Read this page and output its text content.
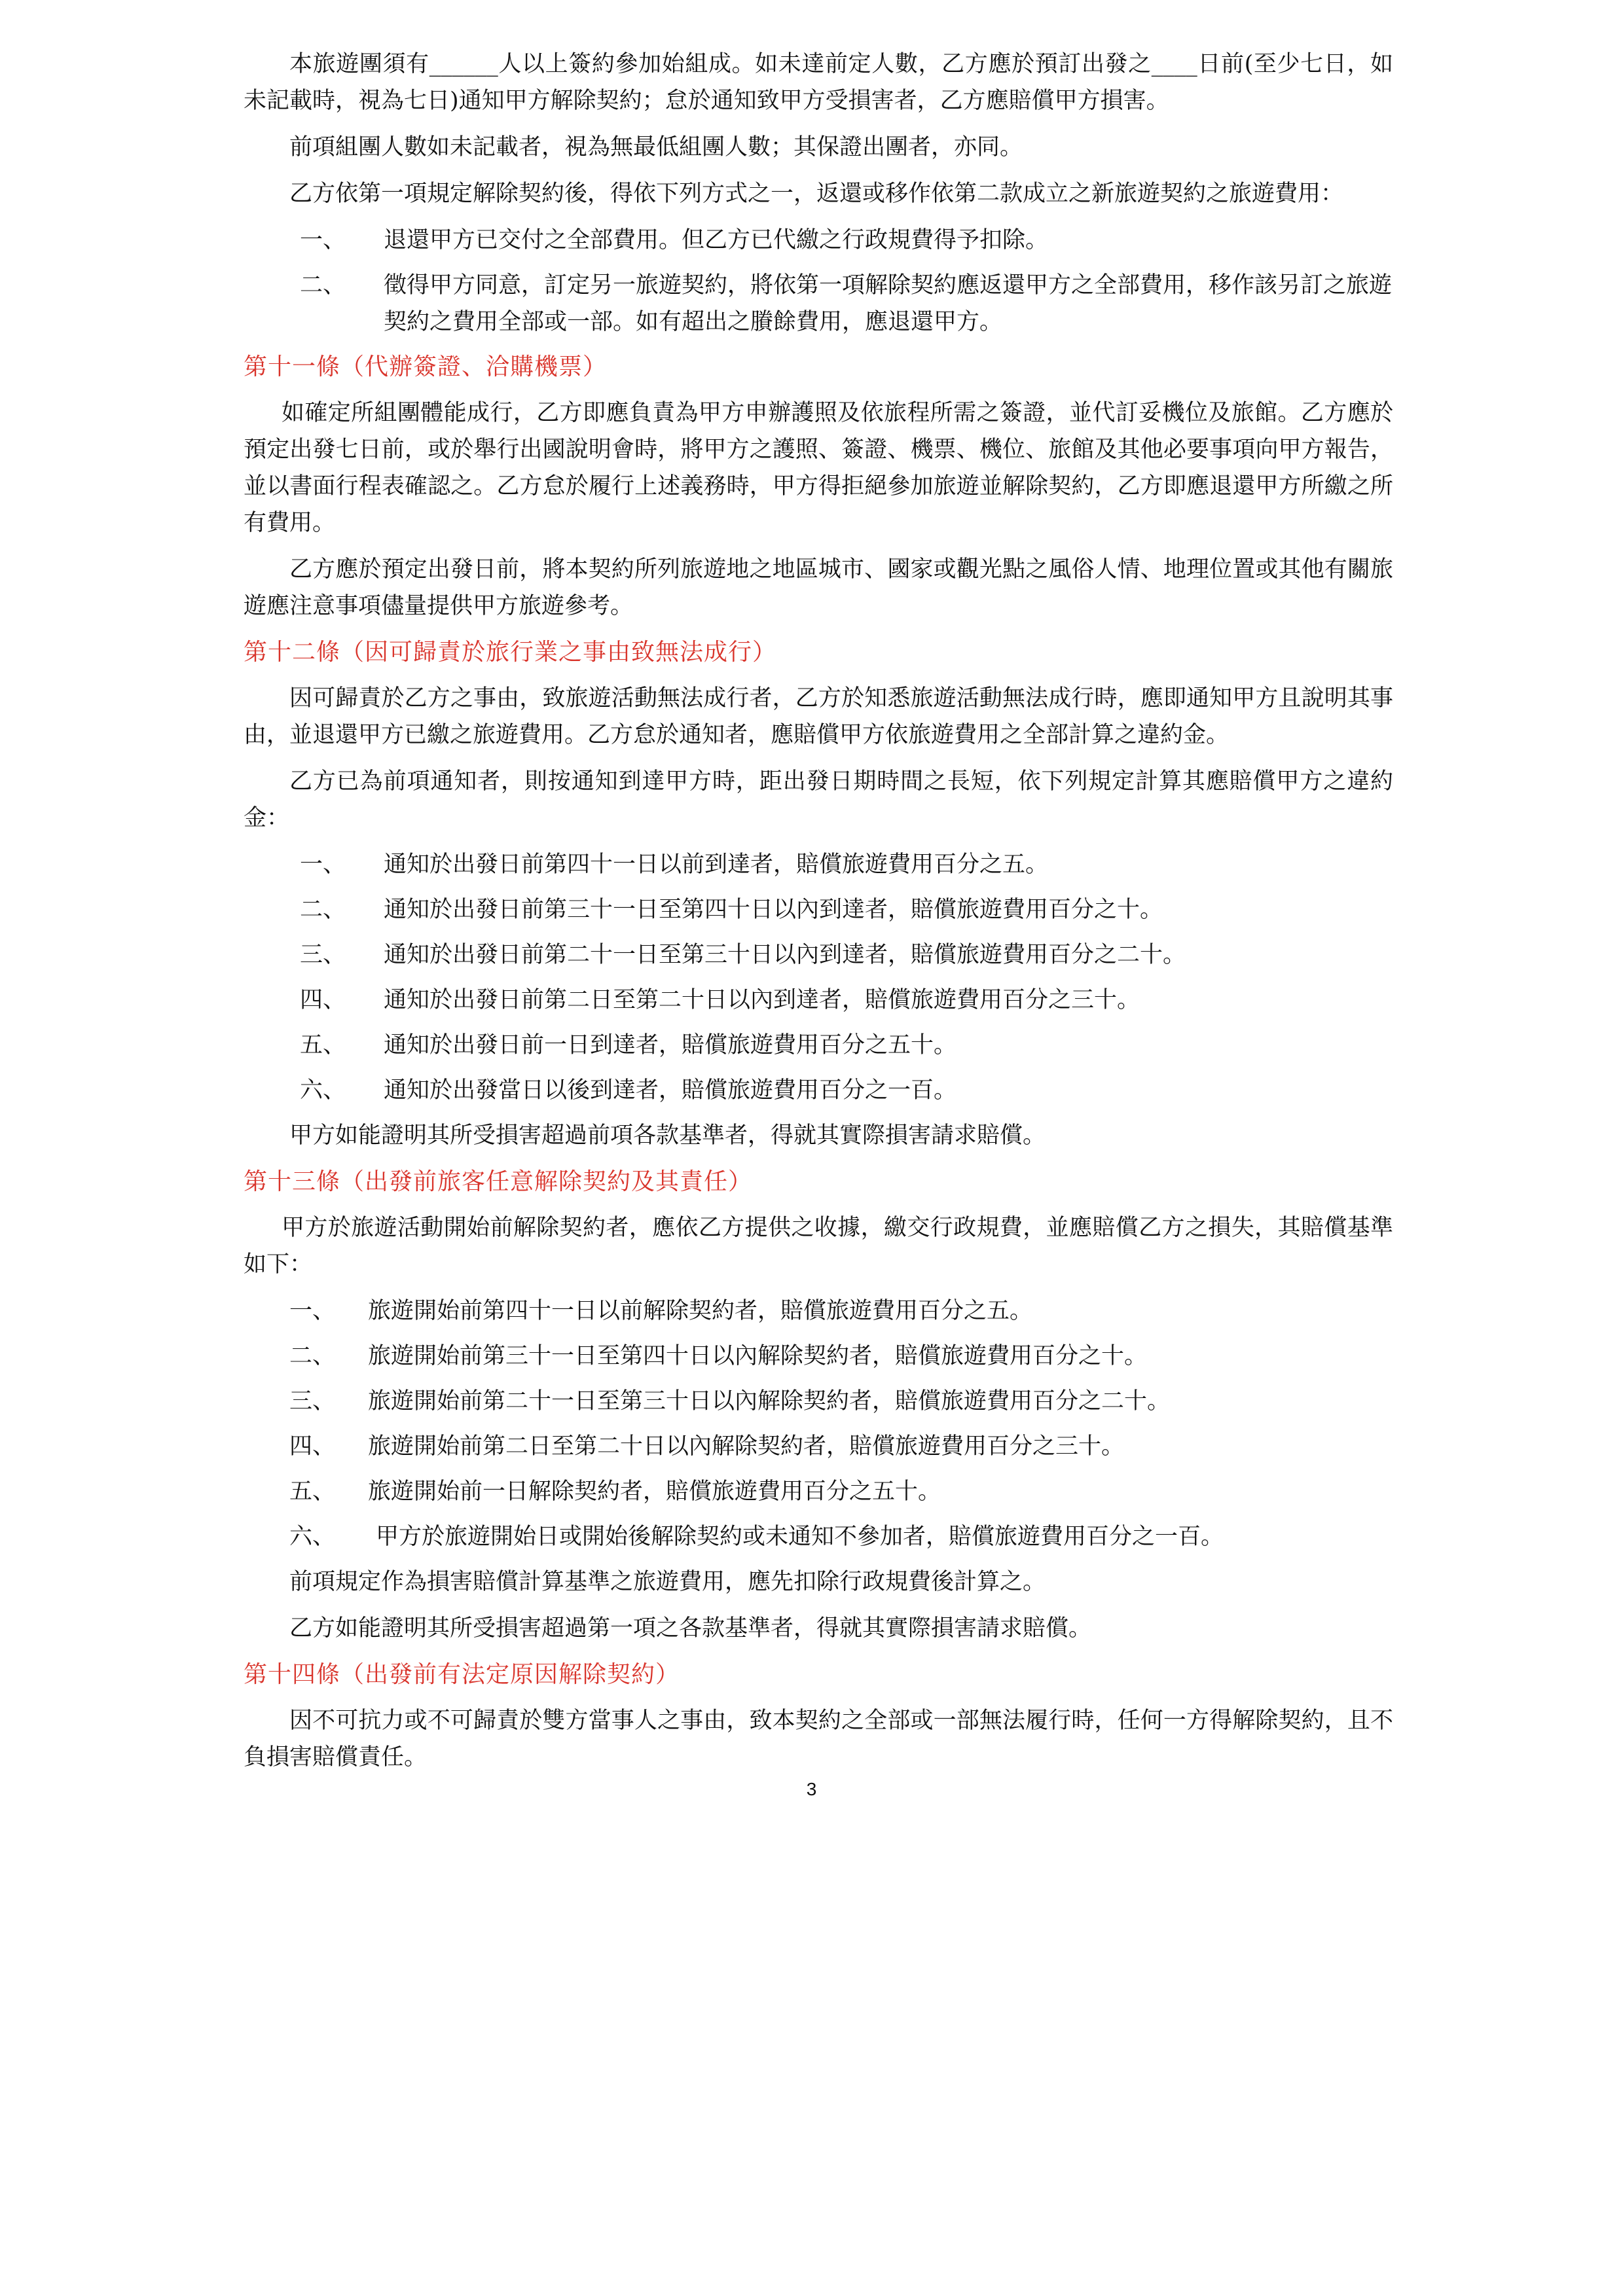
本旅遊團須有______人以上簽約參加始組成。如未達前定人數，乙方應於預訂出發之____日前(至少七日，如未記載時，視為七日)通知甲方解除契約；怠於通知致甲方受損害者，乙方應賠償甲方損害。

前項組團人數如未記載者，視為無最低組團人數；其保證出團者，亦同。

乙方依第一項規定解除契約後，得依下列方式之一，返還或移作依第二款成立之新旅遊契約之旅遊費用：

一、	退還甲方已交付之全部費用。但乙方已代繳之行政規費得予扣除。
二、	徵得甲方同意，訂定另一旅遊契約，將依第一項解除契約應返還甲方之全部費用，移作該另訂之旅遊契約之費用全部或一部。如有超出之賸餘費用，應退還甲方。

第十一條（代辦簽證、洽購機票）

如確定所組團體能成行，乙方即應負責為甲方申辦護照及依旅程所需之簽證，並代訂妥機位及旅館。乙方應於預定出發七日前，或於舉行出國說明會時，將甲方之護照、簽證、機票、機位、旅館及其他必要事項向甲方報告，並以書面行程表確認之。乙方怠於履行上述義務時，甲方得拒絕參加旅遊並解除契約，乙方即應退還甲方所繳之所有費用。

乙方應於預定出發日前，將本契約所列旅遊地之地區城市、國家或觀光點之風俗人情、地理位置或其他有關旅遊應注意事項儘量提供甲方旅遊參考。

第十二條（因可歸責於旅行業之事由致無法成行）

因可歸責於乙方之事由，致旅遊活動無法成行者，乙方於知悉旅遊活動無法成行時，應即通知甲方且說明其事由，並退還甲方已繳之旅遊費用。乙方怠於通知者，應賠償甲方依旅遊費用之全部計算之違約金。

乙方已為前項通知者，則按通知到達甲方時，距出發日期時間之長短，依下列規定計算其應賠償甲方之違約金：

一、	通知於出發日前第四十一日以前到達者，賠償旅遊費用百分之五。
二、	通知於出發日前第三十一日至第四十日以內到達者，賠償旅遊費用百分之十。
三、	通知於出發日前第二十一日至第三十日以內到達者，賠償旅遊費用百分之二十。
四、	通知於出發日前第二日至第二十日以內到達者，賠償旅遊費用百分之三十。
五、	通知於出發日前一日到達者，賠償旅遊費用百分之五十。
六、	通知於出發當日以後到達者，賠償旅遊費用百分之一百。

甲方如能證明其所受損害超過前項各款基準者，得就其實際損害請求賠償。

第十三條（出發前旅客任意解除契約及其責任）

甲方於旅遊活動開始前解除契約者，應依乙方提供之收據，繳交行政規費，並應賠償乙方之損失，其賠償基準如下：

一、	旅遊開始前第四十一日以前解除契約者，賠償旅遊費用百分之五。
二、	旅遊開始前第三十一日至第四十日以內解除契約者，賠償旅遊費用百分之十。
三、	旅遊開始前第二十一日至第三十日以內解除契約者，賠償旅遊費用百分之二十。
四、	旅遊開始前第二日至第二十日以內解除契約者，賠償旅遊費用百分之三十。
五、	旅遊開始前一日解除契約者，賠償旅遊費用百分之五十。
六、	甲方於旅遊開始日或開始後解除契約或未通知不參加者，賠償旅遊費用百分之一百。

前項規定作為損害賠償計算基準之旅遊費用，應先扣除行政規費後計算之。

乙方如能證明其所受損害超過第一項之各款基準者，得就其實際損害請求賠償。

第十四條（出發前有法定原因解除契約）

因不可抗力或不可歸責於雙方當事人之事由，致本契約之全部或一部無法履行時，任何一方得解除契約，且不負損害賠償責任。

3
